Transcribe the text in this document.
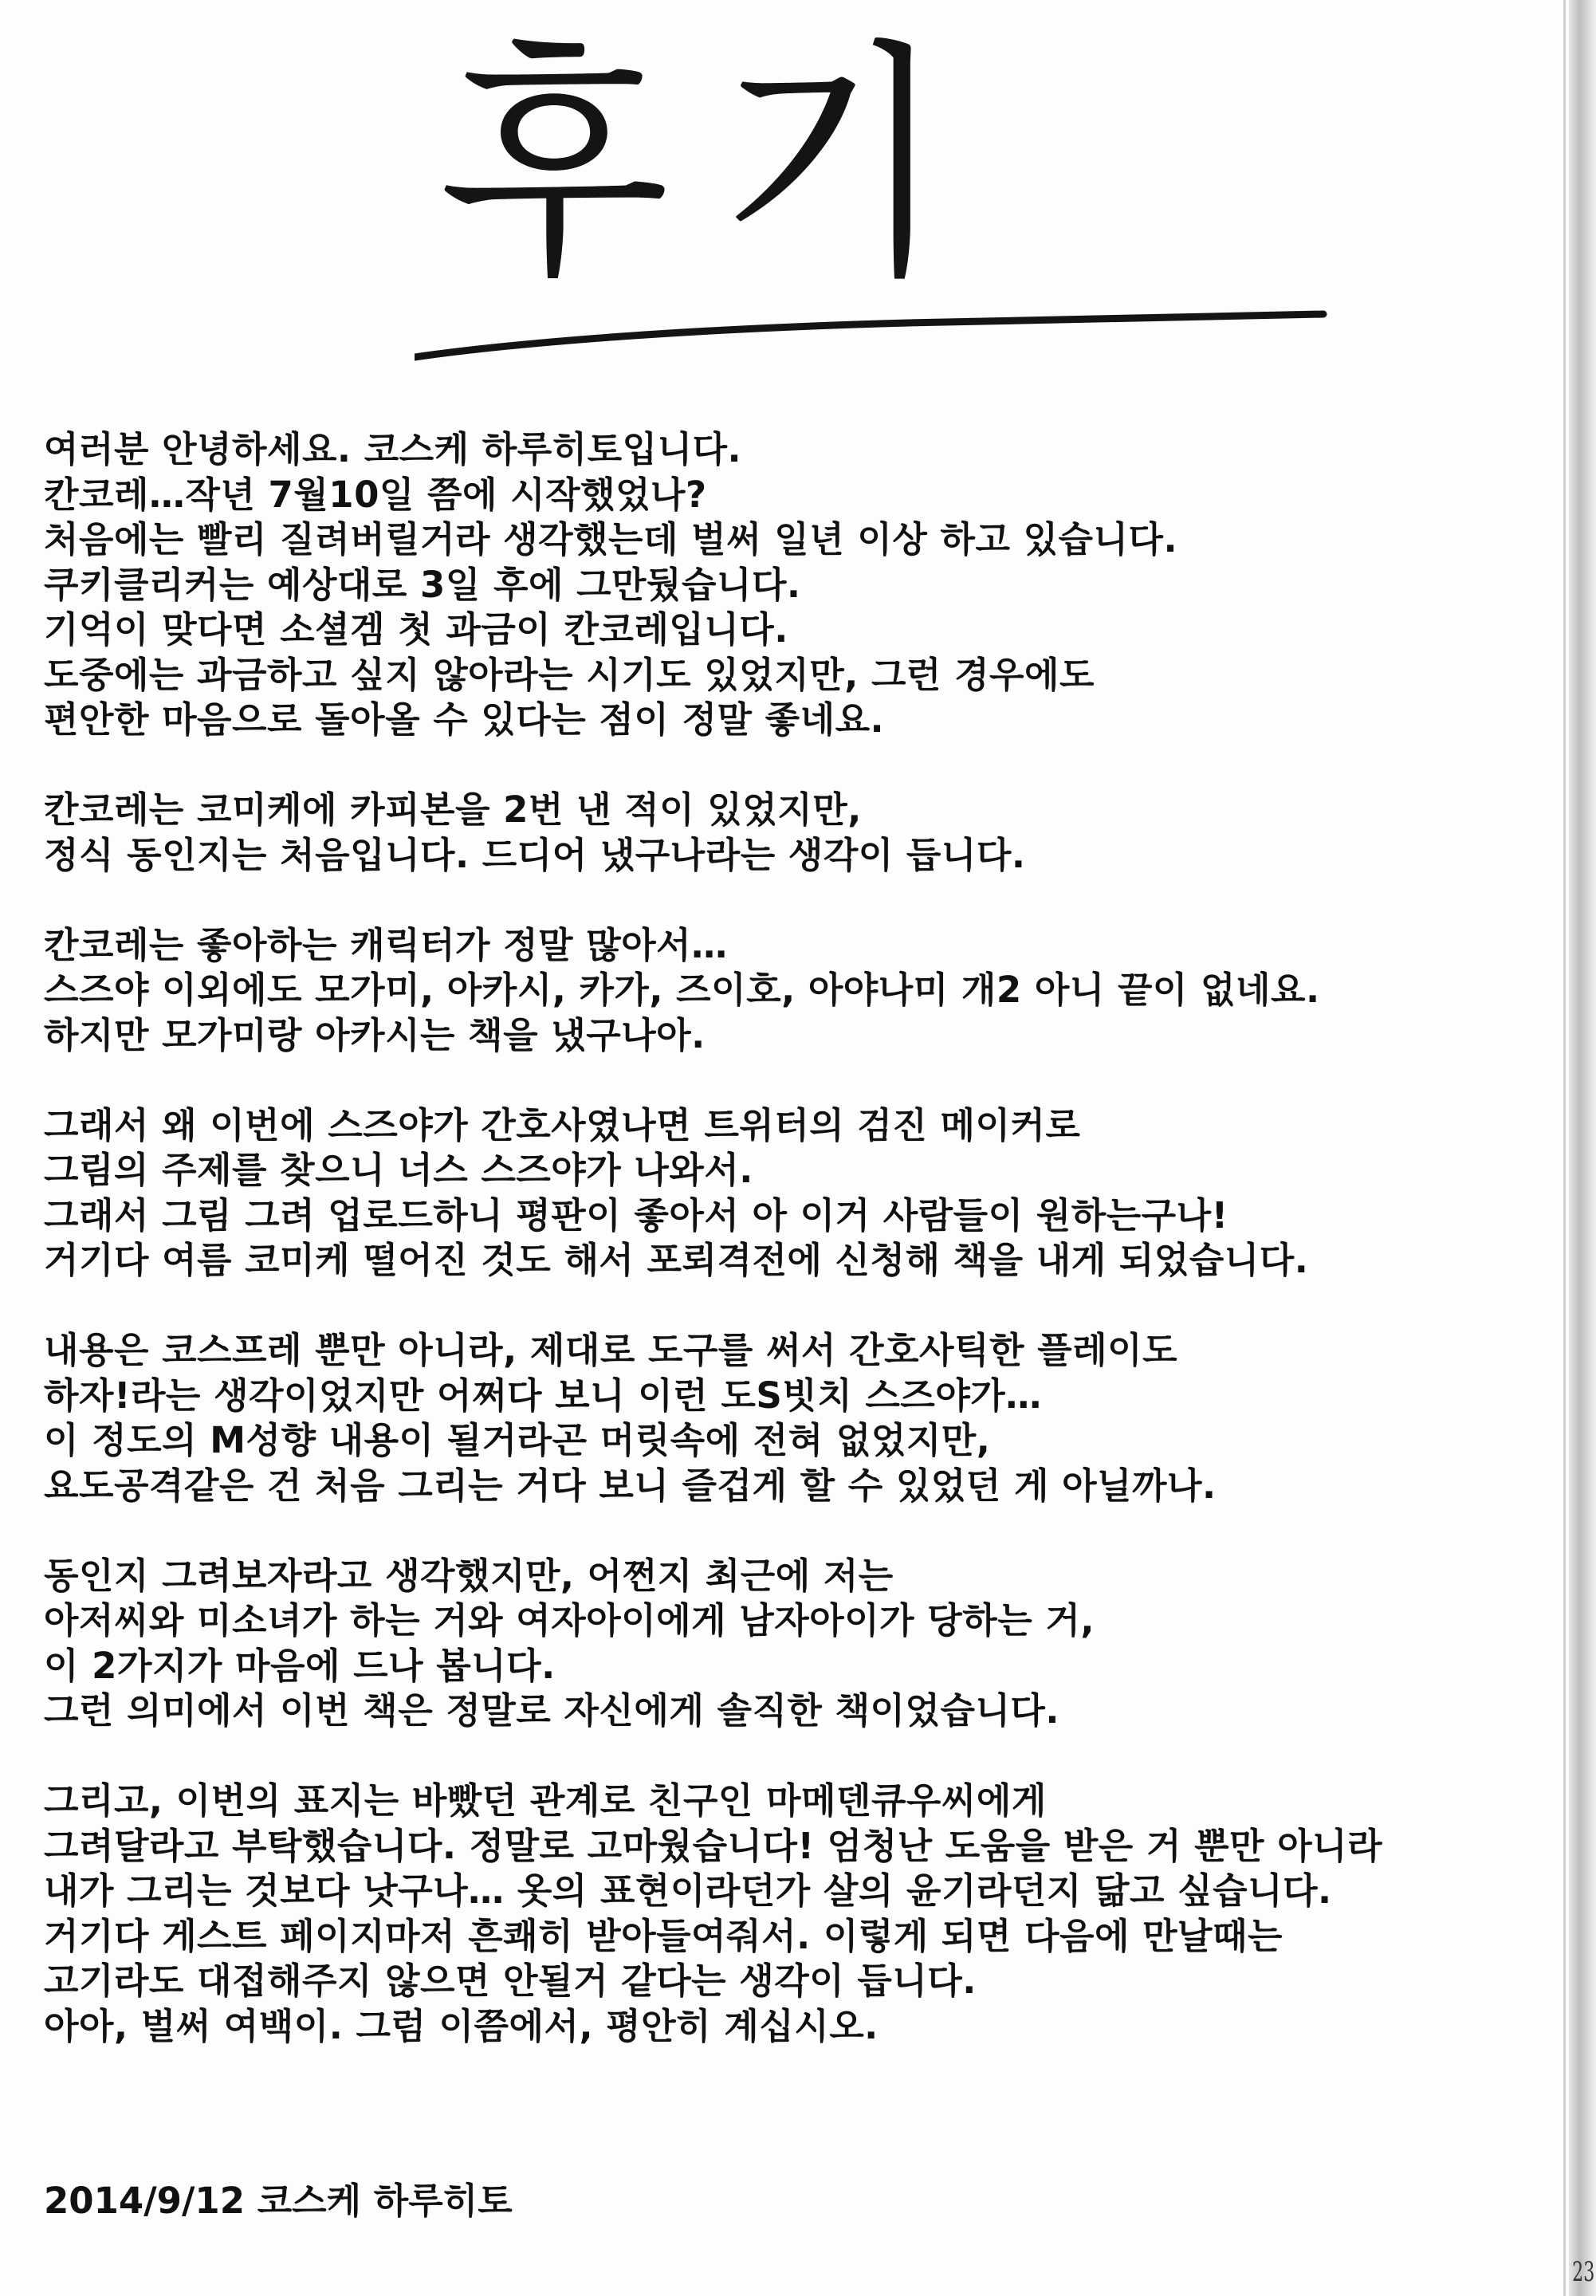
후기
여러분 안녕하세요. 코스케 하루히토입니다.
칸코레…작년 7월10일 쯤에 시작했었나?
처음에는 빨리 질려버릴거라 생각했는데 벌써 일년 이상 하고 있습니다.
쿠키클리커는 예상대로 3일 후에 그만뒀습니다.
기억이 맞다면 소셜겜 첫 과금이 칸코레입니다.
도중에는 과금하고 싶지 않아라는 시기도 있었지만, 그런 경우에도
편안한 마음으로 돌아올 수 있다는 점이 정말 좋네요.
칸코레는 코미케에 카피본을 2번 낸 적이 있었지만,
정식 동인지는 처음입니다. 드디어 냈구나라는 생각이 듭니다.
칸코레는 좋아하는 캐릭터가 정말 많아서…
스즈야 이외에도 모가미, 아카시, 카가, 즈이호, 아야나미 개2 아니 끝이 없네요.
하지만 모가미랑 아카시는 책을 냈구나아.
그래서 왜 이번에 스즈야가 간호사였나면 트위터의 검진 메이커로
그림의 주제를 찾으니 너스 스즈야가 나와서.
그래서 그림 그려 업로드하니 평판이 좋아서 아 이거 사람들이 원하는구나!
거기다 여름 코미케 떨어진 것도 해서 포뢰격전에 신청해 책을 내게 되었습니다.
내용은 코스프레 뿐만 아니라, 제대로 도구를 써서 간호사틱한 플레이도
하자!라는 생각이었지만 어쩌다 보니 이런 도S빗치 스즈야가…
이 정도의 M성향 내용이 될거라곤 머릿속에 전혀 없었지만,
요도공격같은 건 처음 그리는 거다 보니 즐겁게 할 수 있었던 게 아닐까나.
동인지 그려보자라고 생각했지만, 어쩐지 최근에 저는
아저씨와 미소녀가 하는 거와 여자아이에게 남자아이가 당하는 거,
이 2가지가 마음에 드나 봅니다.
그런 의미에서 이번 책은 정말로 자신에게 솔직한 책이었습니다.
그리고, 이번의 표지는 바빴던 관계로 친구인 마메덴큐우씨에게
그려달라고 부탁했습니다. 정말로 고마웠습니다! 엄청난 도움을 받은 거 뿐만 아니라
내가 그리는 것보다 낫구나… 옷의 표현이라던가 살의 윤기라던지 닮고 싶습니다.
거기다 게스트 페이지마저 흔쾌히 받아들여줘서. 이렇게 되면 다음에 만날때는
고기라도 대접해주지 않으면 안될거 같다는 생각이 듭니다.
아아, 벌써 여백이. 그럼 이쯤에서, 평안히 계십시오.
2014/9/12 코스케 하루히토
23
